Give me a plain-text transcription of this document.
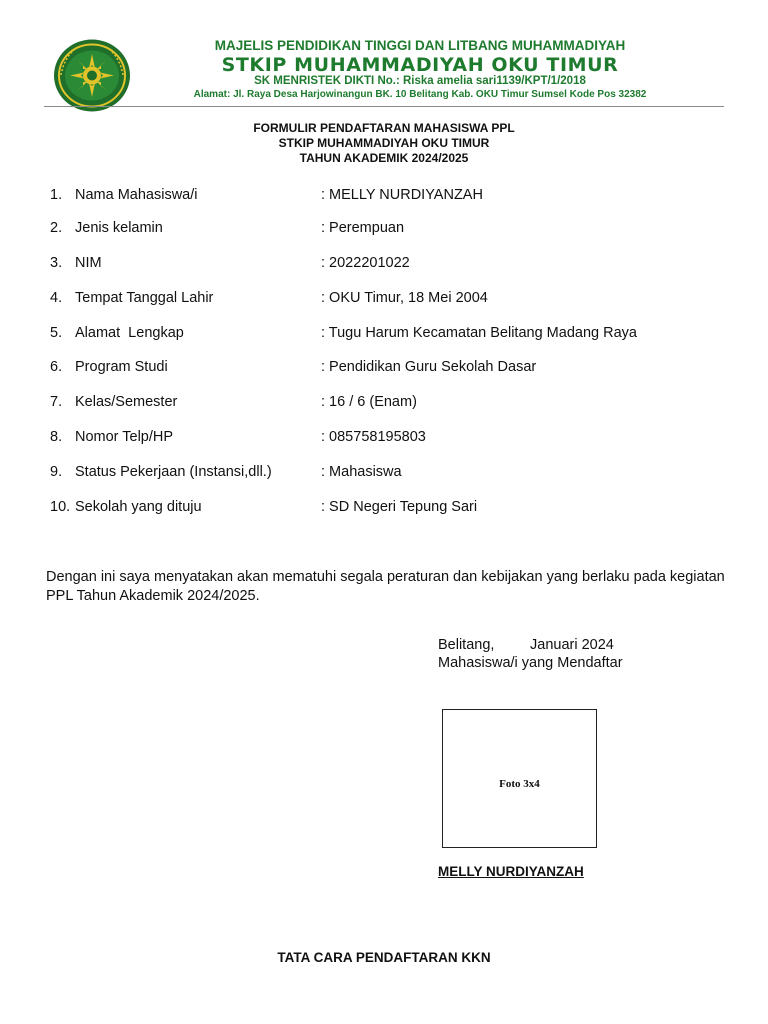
MAJELIS PENDIDIKAN TINGGI DAN LITBANG MUHAMMADIYAH
STKIP MUHAMMADIYAH OKU TIMUR
SK MENRISTEK DIKTI No.: Riska amelia sari1139/KPT/1/2018
Alamat: Jl. Raya Desa Harjowinangun BK. 10 Belitang Kab. OKU Timur Sumsel Kode Pos 32382
FORMULIR PENDAFTARAN MAHASISWA PPL
STKIP MUHAMMADIYAH OKU TIMUR
TAHUN AKADEMIK 2024/2025
1. Nama Mahasiswa/i	: MELLY NURDIYANZAH
2. Jenis kelamin	: Perempuan
3. NIM	: 2022201022
4. Tempat Tanggal Lahir	: OKU Timur, 18 Mei 2004
5. Alamat  Lengkap	: Tugu Harum Kecamatan Belitang Madang Raya
6. Program Studi	: Pendidikan Guru Sekolah Dasar
7. Kelas/Semester	: 16 / 6 (Enam)
8. Nomor Telp/HP	: 085758195803
9. Status Pekerjaan (Instansi,dll.)	: Mahasiswa
10. Sekolah yang dituju	: SD Negeri Tepung Sari
Dengan ini saya menyatakan akan mematuhi segala peraturan dan kebijakan yang berlaku pada kegiatan PPL Tahun Akademik 2024/2025.
Belitang, Januari 2024
Mahasiswa/i yang Mendaftar
Foto 3x4
MELLY NURDIYANZAH
TATA CARA PENDAFTARAN KKN
